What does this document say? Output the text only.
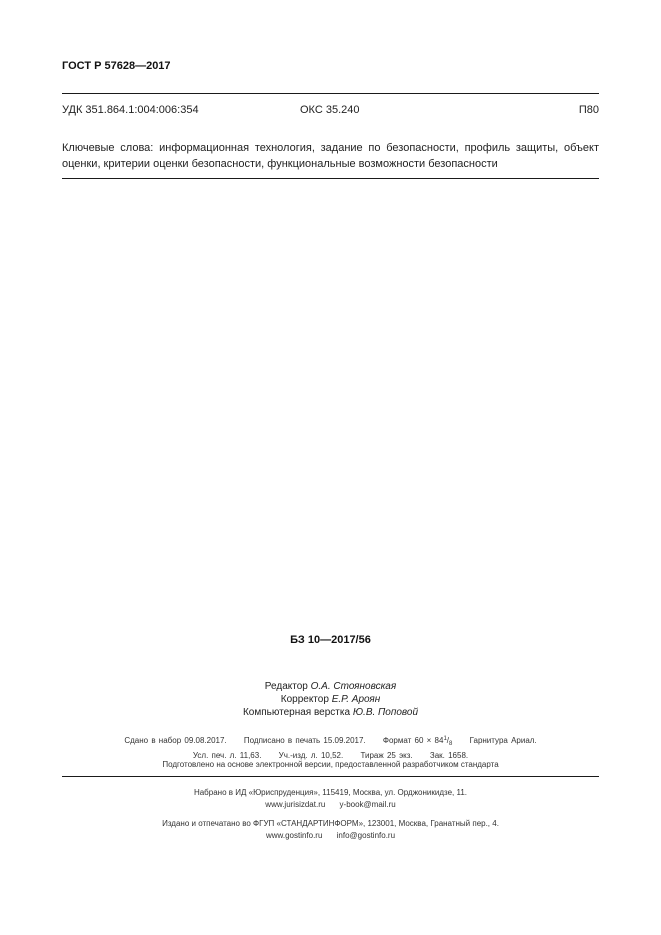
ГОСТ Р 57628—2017
УДК 351.864.1:004:006:354	ОКС 35.240	П80
Ключевые слова: информационная технология, задание по безопасности, профиль защиты, объект оценки, критерии оценки безопасности, функциональные возможности безопасности
БЗ 10—2017/56
Редактор О.А. Стояновская
Корректор Е.Р. Ароян
Компьютерная верстка Ю.В. Поповой
Сдано в набор 09.08.2017. Подписано в печать 15.09.2017. Формат $60 \times 84^1/_8$ Гарнитура Ариал.
Усл. печ. л. 11,63. Уч.-изд. л. 10,52. Тираж 25 экз. Зак. 1658.
Подготовлено на основе электронной версии, предоставленной разработчиком стандарта
Набрано в ИД «Юриспруденция», 115419, Москва, ул. Орджоникидзе, 11.
www.jurisizdat.ru y-book@mail.ru
Издано и отпечатано во ФГУП «СТАНДАРТИНФОРМ», 123001, Москва, Гранатный пер., 4.
www.gostinfo.ru info@gostinfo.ru
